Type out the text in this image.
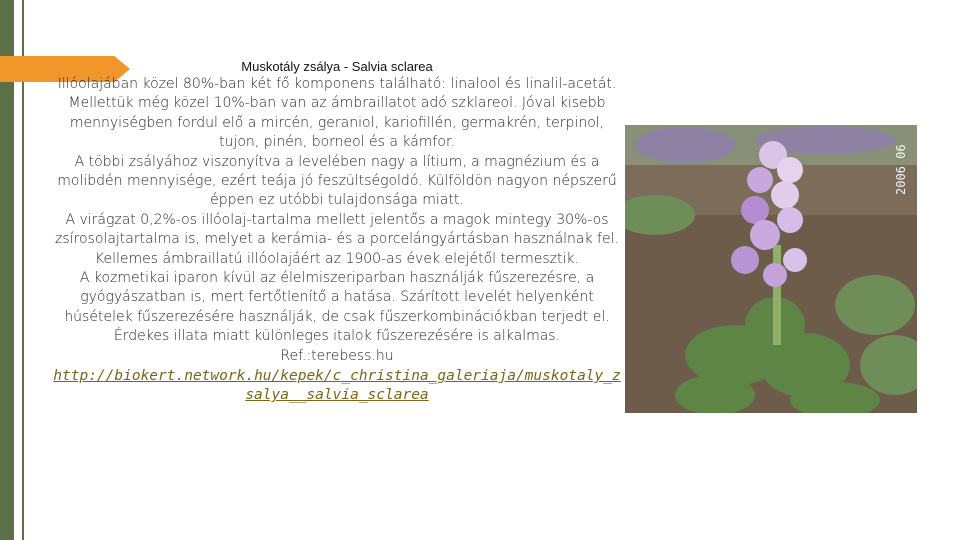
Muskotály zsálya - Salvia sclarea

Illóolajában közel 80%-ban két fő komponens található: linalool és linalil-acetát. Mellettük még közel 10%-ban van az ámbraillatot adó szklareol. Jóval kisebb mennyiségben fordul elő a mircén, geraniol, kariofillén, germakrén, terpinol, tujon, pinén, borneol és a kámfor.
A többi zsályához viszonyítva a levelében nagy a lítium, a magnézium és a molibdén mennyisége, ezért teája jó feszültségoldó. Külföldön nagyon népszerű éppen ez utóbbi tulajdonsága miatt.
A virágzat 0,2%-os illóolaj-tartalma mellett jelentős a magok mintegy 30%-os zsírosolajtartalma is, melyet a kerámia- és a porcelángyártásban használnak fel. Kellemes ámbraillatú illóolajáért az 1900-as évek elejétől termesztik.
A kozmetikai iparon kívül az élelmiszeriparban használják fűszerezésre, a gyógyászatban is, mert fertőtlenítő a hatása. Szárított levelét helyenként húsételek fűszerezésére használják, de csak fűszerkombinációkban terjedt el. Érdekes illata miatt különleges italok fűszerezésére is alkalmas.
Ref.:terebess.hu

http://biokert.network.hu/kepek/c_christina_galeriaja/muskotaly_zsalya__salvia_sclarea
2006 06
